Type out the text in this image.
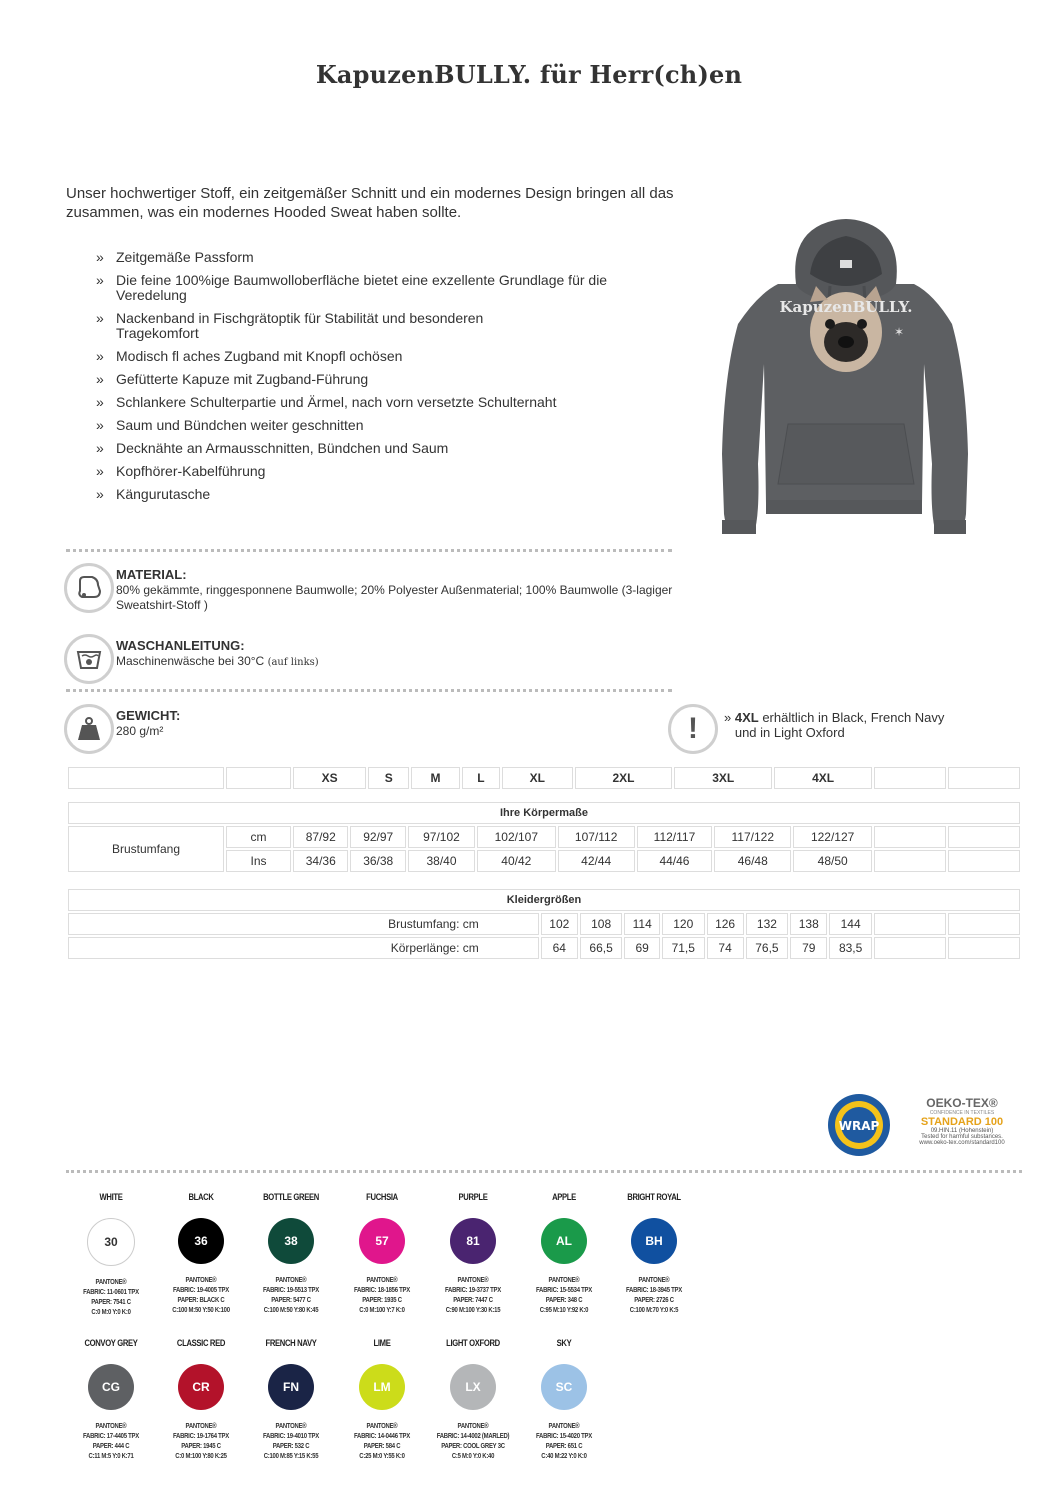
KapuzenBULLY. für Herr(ch)en
Unser hochwertiger Stoff, ein zeitgemäßer Schnitt und ein modernes Design bringen all das zusammen, was ein modernes Hooded Sweat haben sollte.
» Zeitgemäße Passform
» Die feine 100%ige Baumwolloberfläche bietet eine exzellente Grundlage für die Veredelung
» Nackenband in Fischgrätoptik für Stabilität und besonderen Tragekomfort
» Modisch fl aches Zugband mit Knopfl ochösen
» Gefütterte Kapuze mit Zugband-Führung
» Schlankere Schulterpartie und Ärmel, nach vorn versetzte Schulternaht
» Saum und Bündchen weiter geschnitten
» Decknähte an Armausschnitten, Bündchen und Saum
» Kopfhörer-Kabelführung
» Kängurutasche
KapuzenBULLY.
✶
MATERIAL:
80% gekämmte, ringgesponnene Baumwolle; 20% Polyester Außenmaterial; 100% Baumwolle (3-lagiger Sweatshirt-Stoff )
WASCHANLEITUNG:
Maschinenwäsche bei 30°C (auf links)
GEWICHT:
280 g/m²	! » 4XL erhältlich in Black, French Navy
und in Light Oxford
		XS	S	M	L	XL	2XL	3XL	4XL		
Ihre Körpermaße											
Brustumfang	cm	87/92	92/97	97/102	102/107	107/112	112/117	117/122	122/127		
	Ins	34/36	36/38	38/40	40/42	42/44	44/46	46/48	48/50		
Kleidergrößen										
Brustumfang: cm	102	108	114	120	126	132	138	144		
Körperlänge: cm	64	66,5	69	71,5	74	76,5	79	83,5		
WRAP
OEKO-TEX®
CONFIDENCE IN TEXTILES
STANDARD 100
09.HIN.11 (Hohenstein)
Tested for harmful substances.
www.oeko-tex.com/standard100
WHITE
30
PANTONE®
FABRIC: 11-0601 TPX
PAPER: 7541 C
C:0 M:0 Y:0 K:0
BLACK
36
PANTONE®
FABRIC: 19-4005 TPX
PAPER: BLACK C
C:100 M:50 Y:50 K:100
BOTTLE GREEN
38
PANTONE®
FABRIC: 19-5513 TPX
PAPER: 5477 C
C:100 M:50 Y:80 K:45
FUCHSIA
57
PANTONE®
FABRIC: 18-1856 TPX
PAPER: 1935 C
C:0 M:100 Y:7 K:0
PURPLE
81
PANTONE®
FABRIC: 19-3737 TPX
PAPER: 7447 C
C:90 M:100 Y:30 K:15
APPLE
AL
PANTONE®
FABRIC: 15-5534 TPX
PAPER: 348 C
C:95 M:10 Y:92 K:0
BRIGHT ROYAL
BH
PANTONE®
FABRIC: 18-3945 TPX
PAPER: 2726 C
C:100 M:70 Y:0 K:5
CONVOY GREY
CG
PANTONE®
FABRIC: 17-4405 TPX
PAPER: 444 C
C:11 M:5 Y:0 K:71
CLASSIC RED
CR
PANTONE®
FABRIC: 19-1764 TPX
PAPER: 1945 C
C:0 M:100 Y:80 K:25
FRENCH NAVY
FN
PANTONE®
FABRIC: 19-4010 TPX
PAPER: 532 C
C:100 M:85 Y:15 K:55
LIME
LM
PANTONE®
FABRIC: 14-0446 TPX
PAPER: 584 C
C:25 M:0 Y:55 K:0
LIGHT OXFORD
LX
PANTONE®
FABRIC: 14-4002 (MARLED)
PAPER: COOL GREY 3C
C:5 M:0 Y:0 K:40
SKY
SC
PANTONE®
FABRIC: 15-4020 TPX
PAPER: 651 C
C:40 M:22 Y:0 K:0
